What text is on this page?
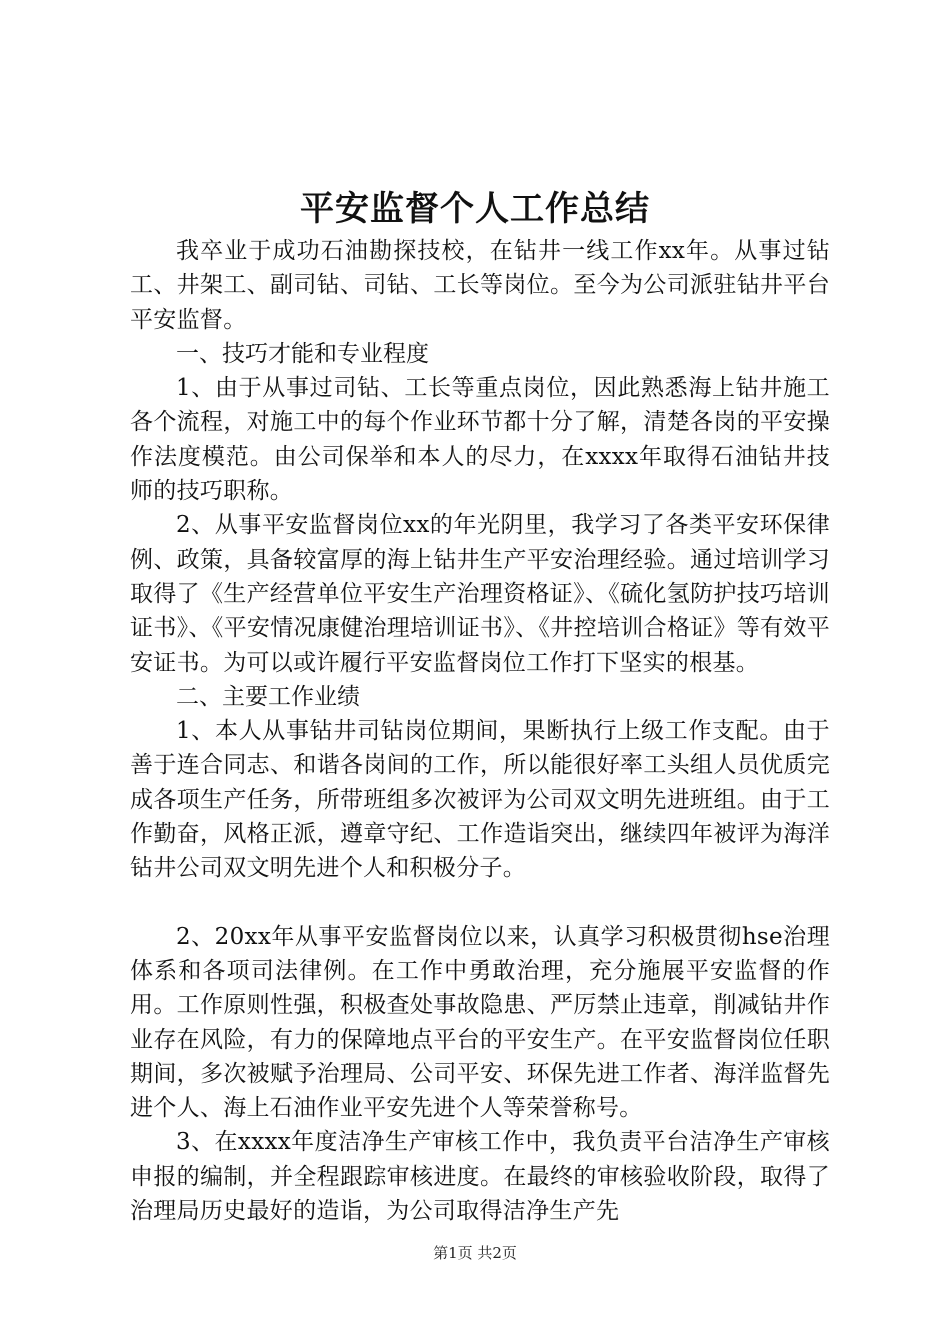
平安监督个人工作总结

我卒业于成功石油勘探技校，在钻井一线工作xx年。从事过钻工、井架工、副司钻、司钻、工长等岗位。至今为公司派驻钻井平台平安监督。

一、技巧才能和专业程度

1、由于从事过司钻、工长等重点岗位，因此熟悉海上钻井施工各个流程，对施工中的每个作业环节都十分了解，清楚各岗的平安操作法度模范。由公司保举和本人的尽力，在xxxx年取得石油钻井技师的技巧职称。

2、从事平安监督岗位xx的年光阴里，我学习了各类平安环保律例、政策，具备较富厚的海上钻井生产平安治理经验。通过培训学习取得了《生产经营单位平安生产治理资格证》、《硫化氢防护技巧培训证书》、《平安情况康健治理培训证书》、《井控培训合格证》等有效平安证书。为可以或许履行平安监督岗位工作打下坚实的根基。

二、主要工作业绩

1、本人从事钻井司钻岗位期间，果断执行上级工作支配。由于善于连合同志、和谐各岗间的工作，所以能很好率工头组人员优质完成各项生产任务，所带班组多次被评为公司双文明先进班组。由于工作勤奋，风格正派，遵章守纪、工作造诣突出，继续四年被评为海洋钻井公司双文明先进个人和积极分子。

2、20xx年从事平安监督岗位以来，认真学习积极贯彻hse治理体系和各项司法律例。在工作中勇敢治理，充分施展平安监督的作用。工作原则性强，积极查处事故隐患、严厉禁止违章，削减钻井作业存在风险，有力的保障地点平台的平安生产。在平安监督岗位任职期间，多次被赋予治理局、公司平安、环保先进工作者、海洋监督先进个人、海上石油作业平安先进个人等荣誉称号。

3、在xxxx年度洁净生产审核工作中，我负责平台洁净生产审核申报的编制，并全程跟踪审核进度。在最终的审核验收阶段，取得了治理局历史最好的造诣，为公司取得洁净生产先

第1页 共2页
